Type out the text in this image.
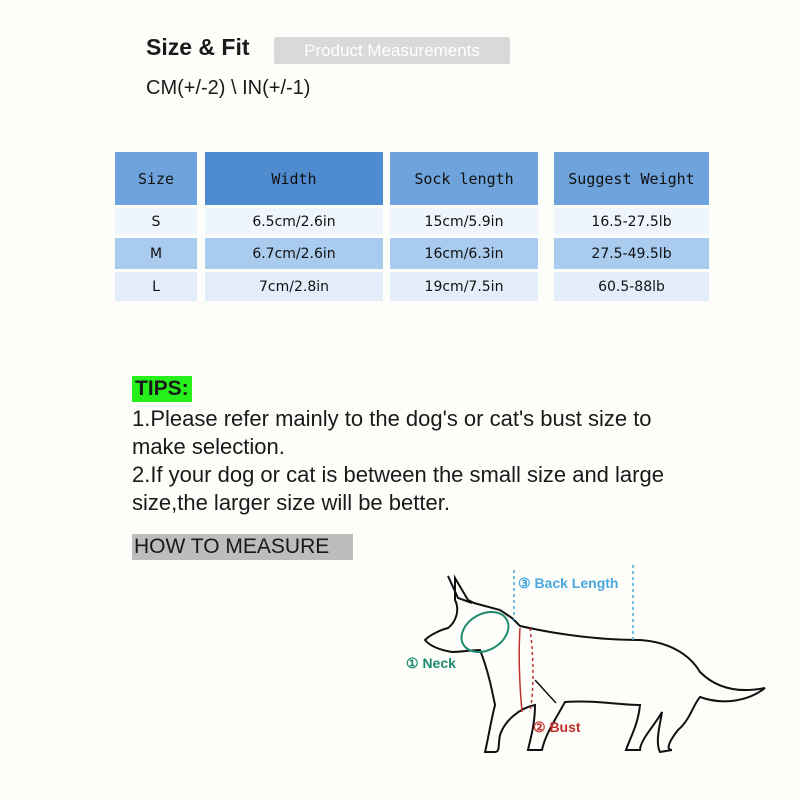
Size & Fit	Product Measurements
CM(+/-2) \ IN(+/-1)
Size	Width	Sock length	Suggest Weight
S	6.5cm/2.6in	15cm/5.9in	16.5-27.5lb
M	6.7cm/2.6in	16cm/6.3in	27.5-49.5lb
L	7cm/2.8in	19cm/7.5in	60.5-88lb
TIPS:
1.Please refer mainly to the dog's or cat's bust size to
make selection.
2.If your dog or cat is between the small size and large
size,the larger size will be better.
HOW TO MEASURE
③ Back Length
① Neck
② Bust
